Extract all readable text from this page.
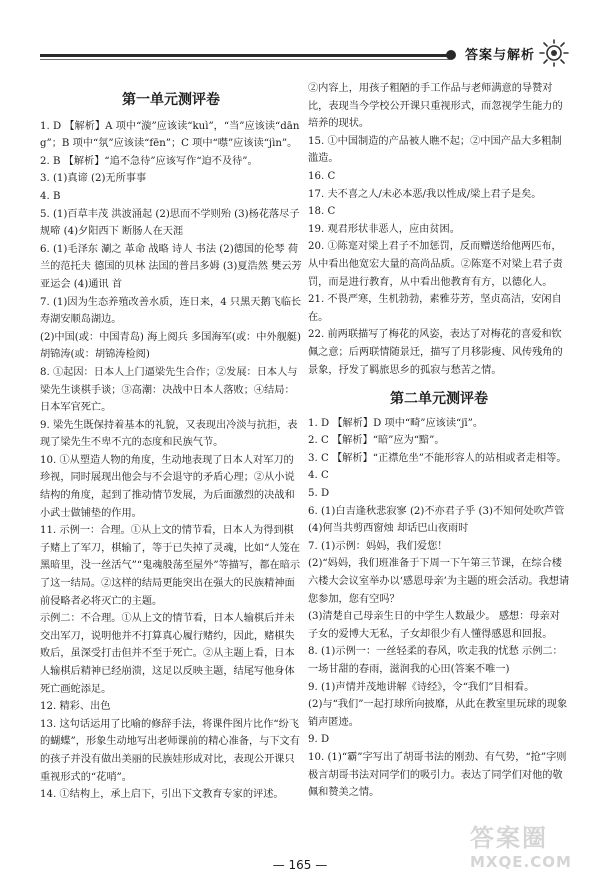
答案与解析
第一单元测评卷

1. D 【解析】A 项中“漩”应该读“kuì”，“当”应该读“dāng”；B 项中“氛”应该读“fēn”；C 项中“噤”应该读“jìn”。

2. B 【解析】“追不急待”应该写作“迫不及待”。

3. (1)真谛 (2)无所事事

4. B

5. (1)百草丰茂 洪波涌起 (2)思而不学则殆 (3)杨花落尽子规啼 (4)夕阳西下 断肠人在天涯

6. (1)毛泽东 涮之 革命 战略 诗人 书法 (2)德国的伦琴 荷兰的范托夫 德国的贝林 法国的普吕多姆 (3)夏浩然 樊云芳 亚运会 (4)通讯 首

7. (1)因为生态养殖改善水质，连日来，4 只黑天鹅飞临长寿湖安顺岛湖边。

(2)中国(或：中国青岛) 海上阅兵 多国海军(或：中外舰艇) 胡锦涛(或：胡锦涛检阅)

8. ①起因：日本人上门逼梁先生合作；②发展：日本人与梁先生谈棋手谈；③高潮：决战中日本人落败；④结局：日本军官死亡。

9. 梁先生既保持着基本的礼貌，又表现出冷淡与抗拒，表现了梁先生不卑不亢的态度和民族气节。

10. ①从塑造人物的角度，生动地表现了日本人对军刀的珍视，同时展现出他会与不会退守的矛盾心理；②从小说结构的角度，起到了推动情节发展，为后面激烈的决战和小武士做铺垫的作用。

11. 示例一：合理。①从上文的情节看，日本人为得到棋子赌上了军刀，棋输了，等于已失掉了灵魂，比如“人笼在黑暗里，没一丝活气”“鬼魂般荡至屋外”等描写，都在暗示了这一结局。②这样的结局更能突出在强大的民族精神面前侵略者必将灭亡的主题。

示例二：不合理。①从上文的情节看，日本人输棋后并未交出军刀，说明他并不打算真心履行赌约，因此，赌棋失败后，虽深受打击但并不至于死亡。②从主题上看，日本人输棋后精神已经崩溃，这足以反映主题，结尾写他身体死亡画蛇添足。

12. 精彩、出色

13. 这句话运用了比喻的修辞手法，将课件图片比作“纷飞的蝴蝶”，形象生动地写出老师课前的精心准备，与下文有的孩子并没有做出美丽的民族娃形成对比，表现公开课只重视形式的“花哨”。

14. ①结构上，承上启下，引出下文教育专家的评述。

②内容上，用孩子粗陋的手工作品与老师满意的导赞对比，表现当今学校公开课只重视形式，而忽视学生能力的培养的现状。

15. ①中国制造的产品被人瞧不起；②中国产品大多粗制滥造。

16. C

17. 夫不喜之人/未必本恶/我以性成/梁上君子是矣。

18. C

19. 观君形状非恶人，应由贫困。

20. ①陈寔对梁上君子不加惩罚，反而赠送给他两匹布，从中看出他宽宏大量的高尚品质。②陈寔不对梁上君子责罚，而是进行教育，从中看出他教育有方，以德化人。

21. 不畏严寒，生机勃勃，素雅芬芳，坚贞高洁，安闲自在。

22. 前两联描写了梅花的风姿，表达了对梅花的喜爱和钦佩之意；后两联情随景迁，描写了月移影瘦、风传残角的景象，抒发了羁旅思乡的孤寂与愁苦之情。

第二单元测评卷

1. D 【解析】D 项中“畸”应该读“jī”。

2. C 【解析】“暗”应为“黯”。

3. C 【解析】“正襟危坐”不能形容人的站相或者走相等。

4. C

5. D

6. (1)白吉逢秋悲寂寥 (2)不亦君子乎 (3)不知何处吹芦管 (4)何当共剪西窗烛 却话巴山夜雨时

7. (1)示例：妈妈，我们爱您！

(2)“妈妈，我们班准备于下周一下午第三节课，在综合楼六楼大会议室举办以‘感恩母亲’为主题的班会活动。我想请您参加，您有空吗？

(3)清楚自己母亲生日的中学生人数最少。 感想：母亲对子女的爱博大无私，子女却很少有人懂得感恩和回报。

8. (1)示例一：一丝轻柔的春风，吹走我的忧愁 示例二：一场甘甜的春雨，滋润我的心田(答案不唯一)

9. (1)声情并茂地讲解《诗经》，令“我们”目相看。

(2)与“我们”一起打球所向披靡，从此在教室里玩球的现象销声匿迹。

9. D

10. (1)“霸”字写出了胡哥书法的刚劲、有气势，“抢”字则极言胡哥书法对同学们的吸引力。表达了同学们对他的敬佩和赞美之情。

答案圈
MXQE.COM
— 165 —
